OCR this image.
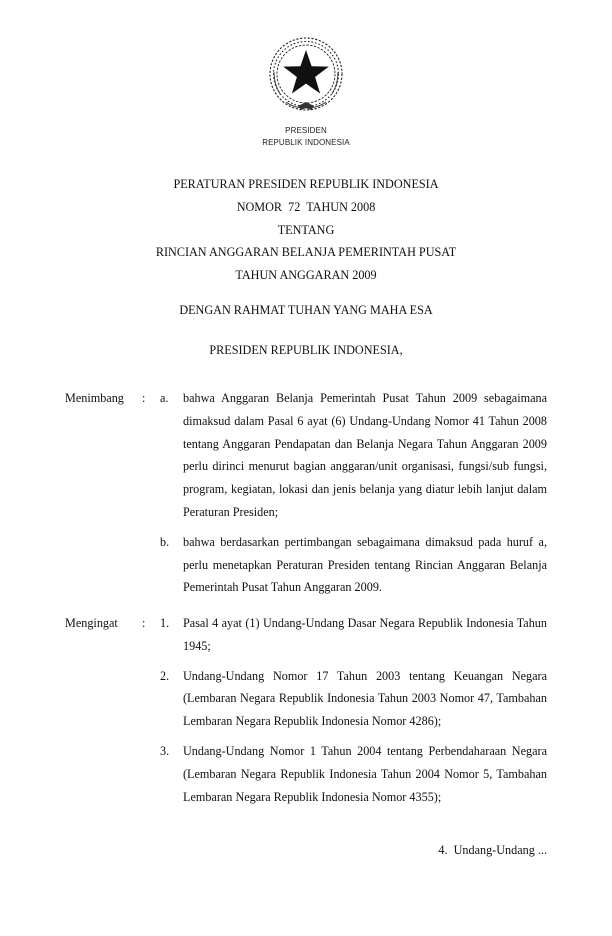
PRESIDEN
REPUBLIK INDONESIA
PERATURAN PRESIDEN REPUBLIK INDONESIA
NOMOR  72  TAHUN 2008
TENTANG
RINCIAN ANGGARAN BELANJA PEMERINTAH PUSAT
TAHUN ANGGARAN 2009
DENGAN RAHMAT TUHAN YANG MAHA ESA
PRESIDEN REPUBLIK INDONESIA,
Menimbang : a. bahwa Anggaran Belanja Pemerintah Pusat Tahun 2009 sebagaimana dimaksud dalam Pasal 6 ayat (6) Undang-Undang Nomor 41 Tahun 2008 tentang Anggaran Pendapatan dan Belanja Negara Tahun Anggaran 2009 perlu dirinci menurut bagian anggaran/unit organisasi, fungsi/sub fungsi, program, kegiatan, lokasi dan jenis belanja yang diatur lebih lanjut dalam Peraturan Presiden;
b. bahwa berdasarkan pertimbangan sebagaimana dimaksud pada huruf a, perlu menetapkan Peraturan Presiden tentang Rincian Anggaran Belanja Pemerintah Pusat Tahun Anggaran 2009.
Mengingat : 1. Pasal 4 ayat (1) Undang-Undang Dasar Negara Republik Indonesia Tahun 1945;
2. Undang-Undang Nomor 17 Tahun 2003 tentang Keuangan Negara (Lembaran Negara Republik Indonesia Tahun 2003 Nomor 47, Tambahan Lembaran Negara Republik Indonesia Nomor 4286);
3. Undang-Undang Nomor 1 Tahun 2004 tentang Perbendaharaan Negara (Lembaran Negara Republik Indonesia Tahun 2004 Nomor 5, Tambahan Lembaran Negara Republik Indonesia Nomor 4355);
4.  Undang-Undang ...
